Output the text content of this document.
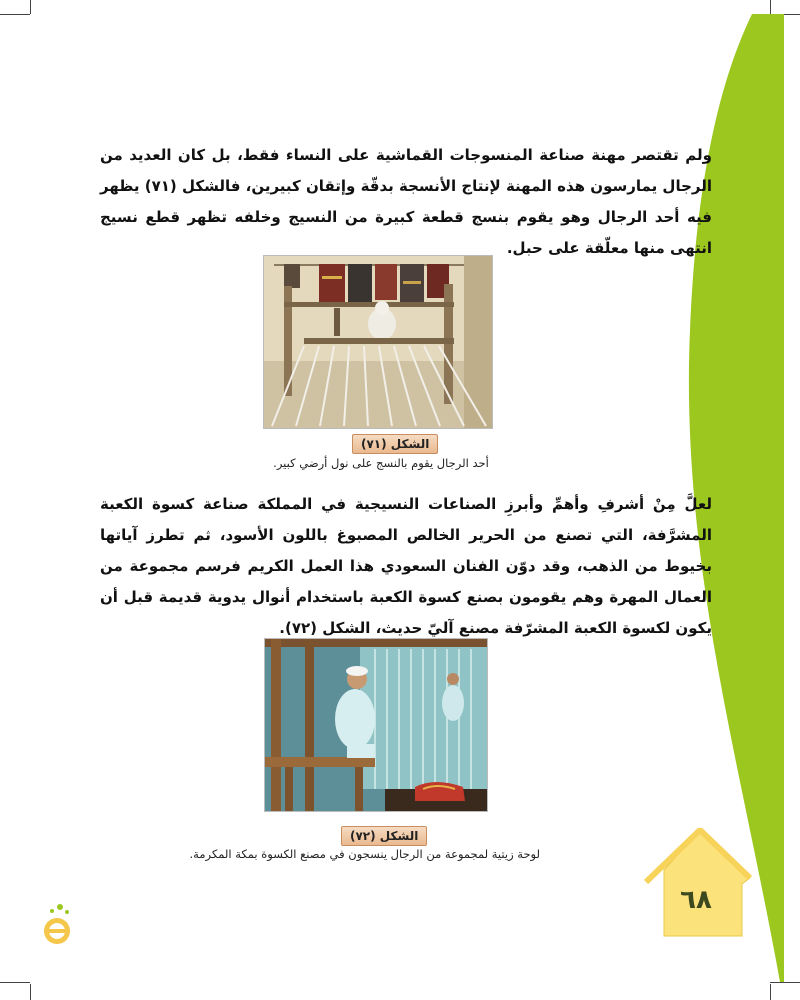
ولم تقتصر مهنة صناعة المنسوجات القماشية على النساء فقط، بل كان العديد من الرجال يمارسون هذه المهنة لإنتاج الأنسجة بدقّة وإتقان كبيرين، فالشكل (٧١) يظهر فيه أحد الرجال وهو يقوم بنسج قطعة كبيرة من النسيج وخلفه تظهر قطع نسيج انتهى منها معلّقة على حبل.

الشكل (٧١)
أحد الرجال يقوم بالنسج على نول أرضي كبير.

لعلَّ مِنْ أشرفِ وأهمِّ وأبرزِ الصناعات النسيجية في المملكة صناعة كسوة الكعبة المشرَّفة، التي تصنع من الحرير الخالص المصبوغ باللون الأسود، ثم تطرز آياتها بخيوط من الذهب، وقد دوّن الفنان السعودي هذا العمل الكريم فرسم مجموعة من العمال المهرة وهم يقومون بصنع كسوة الكعبة باستخدام أنوال يدوية قديمة قبل أن يكون لكسوة الكعبة المشرّفة مصنع آليّ حديث، الشكل (٧٢).

الشكل (٧٢)
لوحة زيتية لمجموعة من الرجال ينسجون في مصنع الكسوة بمكة المكرمة.
٦٨
